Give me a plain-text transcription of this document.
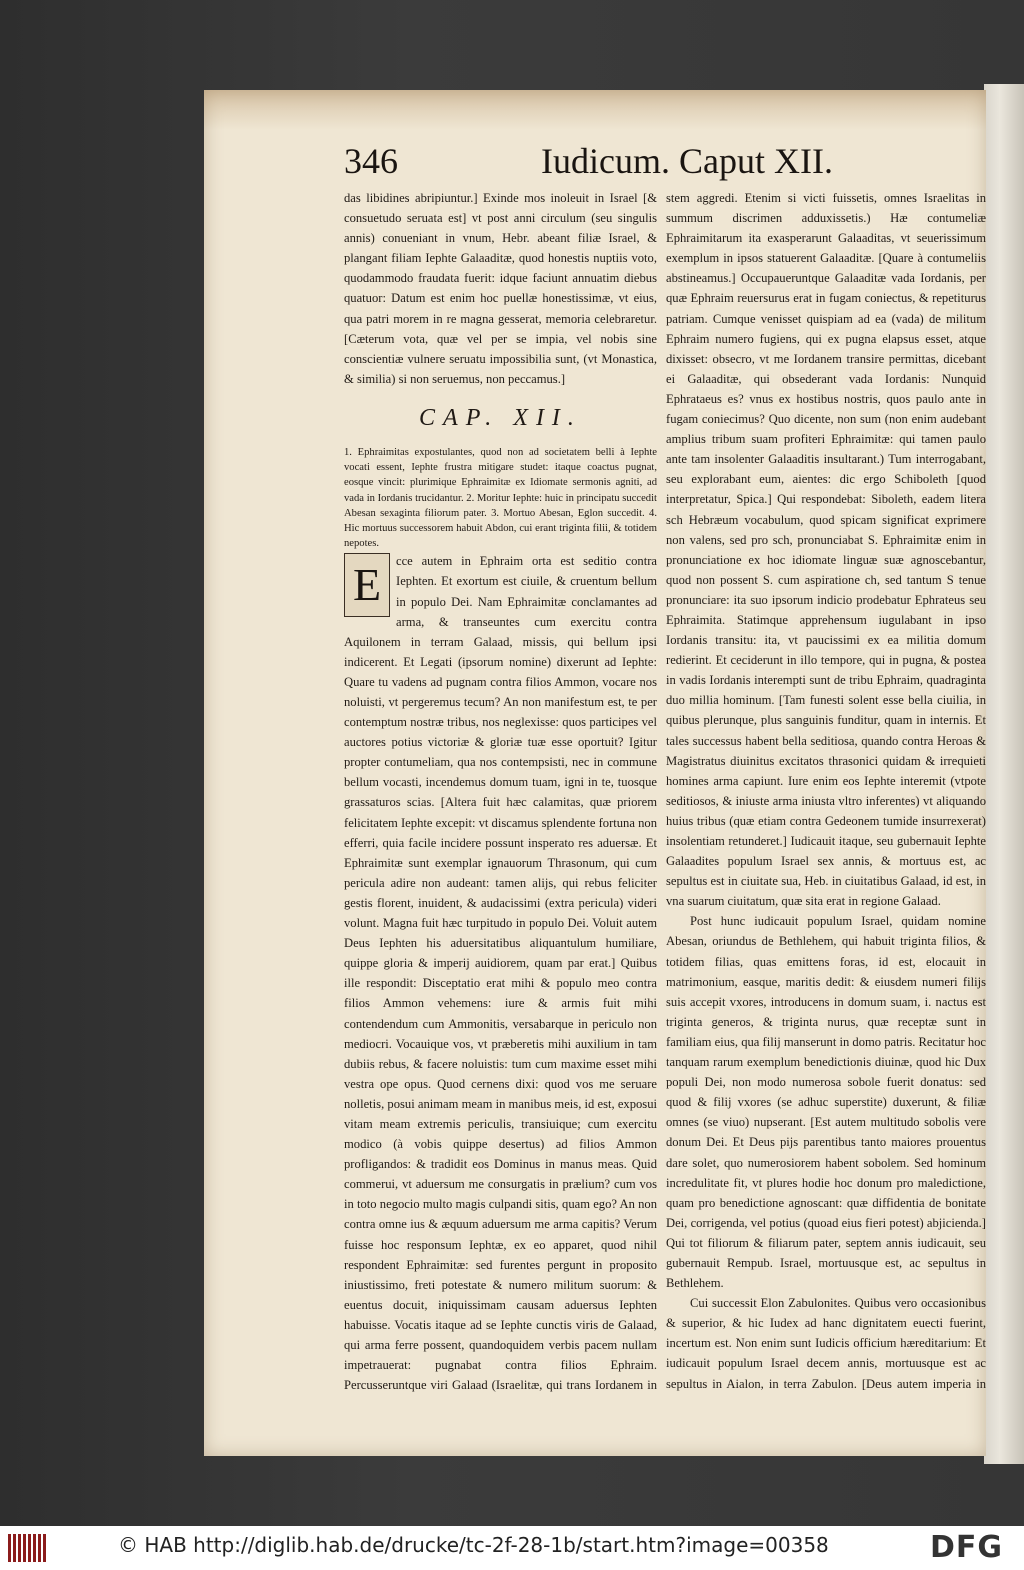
346	Iudicum. Caput XII.

das libidines abripiuntur.] Exinde mos inoleuit in Israel [& consuetudo seruata est] vt post anni circulum (seu singulis annis) conueniant in vnum, Hebr. abeant filiæ Israel, & plangant filiam Iephte Galaaditæ, quod honestis nuptiis voto, quodammodo fraudata fuerit: idque faciunt annuatim diebus quatuor: Datum est enim hoc puellæ honestissimæ, vt eius, qua patri morem in re magna gesserat, memoria celebraretur. [Cæterum vota, quæ vel per se impia, vel nobis sine conscientiæ vulnere seruatu impossibilia sunt, (vt Monastica, & similia) si non seruemus, non peccamus.]

CAP. XII.

1. Ephraimitas expostulantes, quod non ad societatem belli à Iephte vocati essent, Iephte frustra mitigare studet: itaque coactus pugnat, eosque vincit: plurimique Ephraimitæ ex Idiomate sermonis agniti, ad vada in Iordanis trucidantur. 2. Moritur Iephte: huic in principatu succedit Abesan sexaginta filiorum pater. 3. Mortuo Abesan, Eglon succedit. 4. Hic mortuus successorem habuit Abdon, cui erant triginta filii, & totidem nepotes.

E	cce autem in Ephraim orta est seditio contra Iephten. Et exortum est ciuile, & cruentum bellum in populo Dei. Nam Ephraimitæ conclamantes ad arma, & transeuntes cum exercitu contra Aquilonem in terram Galaad, missis, qui bellum ipsi indicerent. Et Legati (ipsorum nomine) dixerunt ad Iephte: Quare tu vadens ad pugnam contra filios Ammon, vocare nos noluisti, vt pergeremus tecum? An non manifestum est, te per contemptum nostræ tribus, nos neglexisse: quos participes vel auctores potius victoriæ & gloriæ tuæ esse oportuit? Igitur propter contumeliam, qua nos contempsisti, nec in commune bellum vocasti, incendemus domum tuam, igni in te, tuosque grassaturos scias. [Altera fuit hæc calamitas, quæ priorem felicitatem Iephte excepit: vt discamus splendente fortuna non efferri, quia facile incidere possunt insperato res aduersæ. Et Ephraimitæ sunt exemplar ignauorum Thrasonum, qui cum pericula adire non audeant: tamen alijs, qui rebus feliciter gestis florent, inuident, & audacissimi (extra pericula) videri volunt. Magna fuit hæc turpitudo in populo Dei. Voluit autem Deus Iephten his aduersitatibus aliquantulum humiliare, quippe gloria & imperij auidiorem, quam par erat.] Quibus ille respondit: Disceptatio erat mihi & populo meo contra filios Ammon vehemens: iure & armis fuit mihi contendendum cum Ammonitis, versabarque in periculo non mediocri. Vocauique vos, vt præberetis mihi auxilium in tam dubiis rebus, & facere noluistis: tum cum maxime esset mihi vestra ope opus. Quod cernens dixi: quod vos me seruare nolletis, posui animam meam in manibus meis, id est, exposui vitam meam extremis periculis, transiuique; cum exercitu modico (à vobis quippe desertus) ad filios Ammon profligandos: & tradidit eos Dominus in manus meas. Quid commerui, vt aduersum me consurgatis in prælium? cum vos in toto negocio multo magis culpandi sitis, quam ego? An non contra omne ius & æquum aduersum me arma capitis? Verum fuisse hoc responsum Iephtæ, ex eo apparet, quod nihil respondent Ephraimitæ: sed furentes pergunt in proposito iniustissimo, freti potestate & numero militum suorum: & euentus docuit, iniquissimam causam aduersus Iephten habuisse. Vocatis itaque ad se Iephte cunctis viris de Galaad, qui arma ferre possent, quandoquidem verbis pacem nullam impetrauerat: pugnabat contra filios Ephraim. Percusseruntque viri Galaad (Israelitæ, qui trans Iordanem in

stem aggredi. Etenim si victi fuissetis, omnes Israelitas in summum discrimen adduxissetis.) Hæ contumeliæ Ephraimitarum ita exasperarunt Galaaditas, vt seuerissimum exemplum in ipsos statuerent Galaaditæ. [Quare à contumeliis abstineamus.] Occupaueruntque Galaaditæ vada Iordanis, per quæ Ephraim reuersurus erat in fugam coniectus, & repetiturus patriam. Cumque venisset quispiam ad ea (vada) de militum Ephraim numero fugiens, qui ex pugna elapsus esset, atque dixisset: obsecro, vt me Iordanem transire permittas, dicebant ei Galaaditæ, qui obsederant vada Iordanis: Nunquid Ephrataeus es? vnus ex hostibus nostris, quos paulo ante in fugam coniecimus? Quo dicente, non sum (non enim audebant amplius tribum suam profiteri Ephraimitæ: qui tamen paulo ante tam insolenter Galaaditis insultarant.) Tum interrogabant, seu explorabant eum, aientes: dic ergo Schiboleth [quod interpretatur, Spica.] Qui respondebat: Siboleth, eadem litera sch Hebræum vocabulum, quod spicam significat exprimere non valens, sed pro sch, pronunciabat S. Ephraimitæ enim in pronunciatione ex hoc idiomate linguæ suæ agnoscebantur, quod non possent S. cum aspiratione ch, sed tantum S tenue pronunciare: ita suo ipsorum indicio prodebatur Ephrateus seu Ephraimita. Statimque apprehensum iugulabant in ipso Iordanis transitu: ita, vt paucissimi ex ea militia domum redierint. Et ceciderunt in illo tempore, qui in pugna, & postea in vadis Iordanis interempti sunt de tribu Ephraim, quadraginta duo millia hominum. [Tam funesti solent esse bella ciuilia, in quibus plerunque, plus sanguinis funditur, quam in internis. Et tales successus habent bella seditiosa, quando contra Heroas & Magistratus diuinitus excitatos thrasonici quidam & irrequieti homines arma capiunt. Iure enim eos Iephte interemit (vtpote seditiosos, & iniuste arma iniusta vltro inferentes) vt aliquando huius tribus (quæ etiam contra Gedeonem tumide insurrexerat) insolentiam retunderet.] Iudicauit itaque, seu gubernauit Iephte Galaadites populum Israel sex annis, & mortuus est, ac sepultus est in ciuitate sua, Heb. in ciuitatibus Galaad, id est, in vna suarum ciuitatum, quæ sita erat in regione Galaad.

Post hunc iudicauit populum Israel, quidam nomine Abesan, oriundus de Bethlehem, qui habuit triginta filios, & totidem filias, quas emittens foras, id est, elocauit in matrimonium, easque, maritis dedit: & eiusdem numeri filijs suis accepit vxores, introducens in domum suam, i. nactus est triginta generos, & triginta nurus, quæ receptæ sunt in familiam eius, qua filij manserunt in domo patris. Recitatur hoc tanquam rarum exemplum benedictionis diuinæ, quod hic Dux populi Dei, non modo numerosa sobole fuerit donatus: sed quod & filij vxores (se adhuc superstite) duxerunt, & filiæ omnes (se viuo) nupserant. [Est autem multitudo sobolis vere donum Dei. Et Deus pijs parentibus tanto maiores prouentus dare solet, quo numerosiorem habent sobolem. Sed hominum incredulitate fit, vt plures hodie hoc donum pro maledictione, quam pro benedictione agnoscant: quæ diffidentia de bonitate Dei, corrigenda, vel potius (quoad eius fieri potest) abjicienda.] Qui tot filiorum & filiarum pater, septem annis iudicauit, seu gubernauit Rempub. Israel, mortuusque est, ac sepultus in Bethlehem.

Cui successit Elon Zabulonites. Quibus vero occasionibus & superior, & hic Iudex ad hanc dignitatem euecti fuerint, incertum est. Non enim sunt Iudicis officium hæreditarium: Et iudicauit populum Israel decem annis, mortuusque est ac sepultus in Aialon, in terra Zabulon. [Deus autem imperia in

© HAB http://diglib.hab.de/drucke/tc-2f-28-1b/start.htm?image=00358	DFG
